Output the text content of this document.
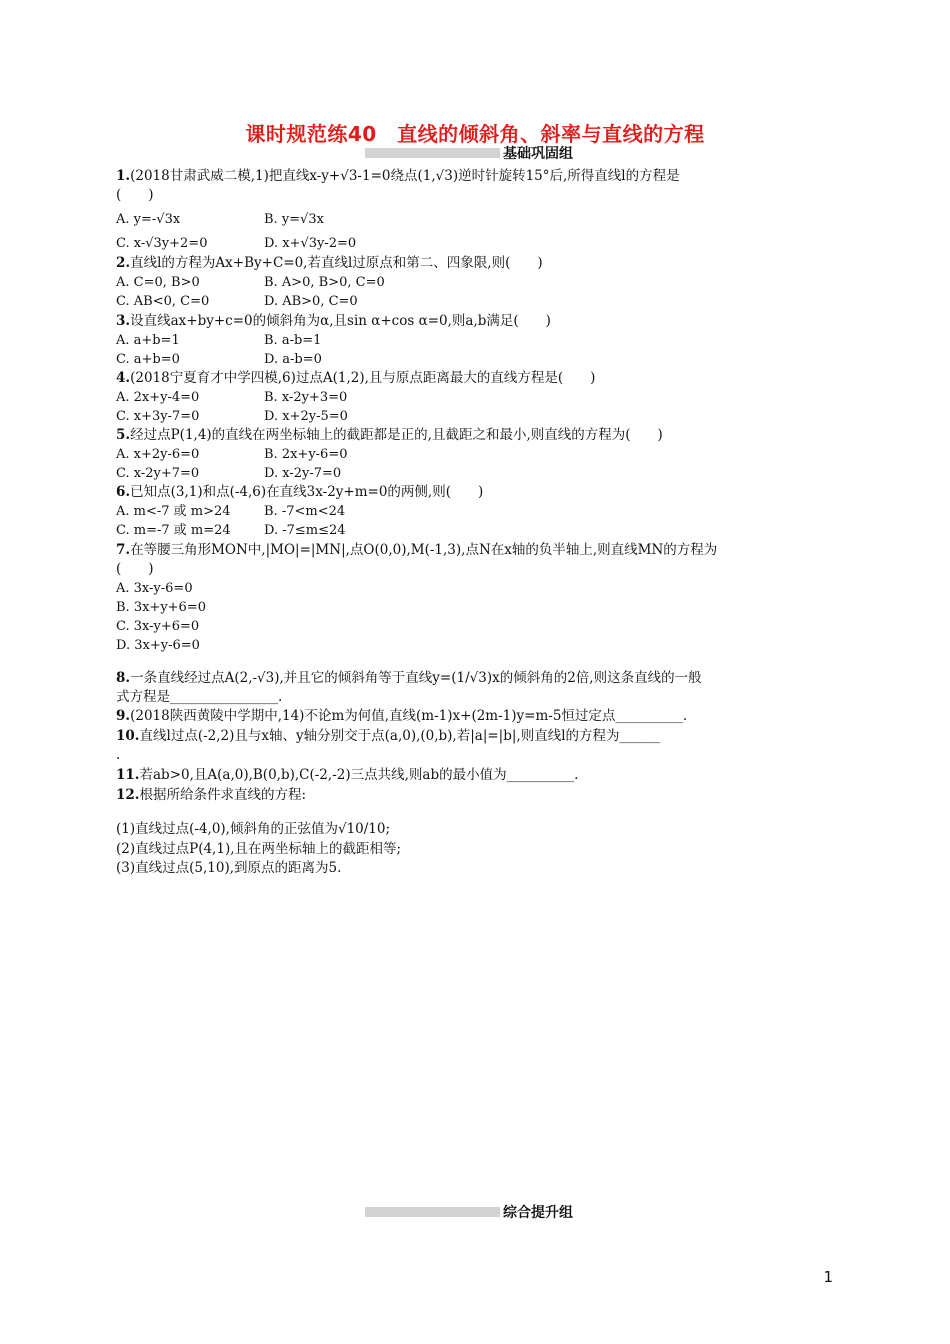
课时规范练40　直线的倾斜角、斜率与直线的方程
基础巩固组
1.(2018甘肃武威二模,1)把直线x-y+√3-1=0绕点(1,√3)逆时针旋转15°后,所得直线l的方程是
(　　)
A. y=-√3x	B. y=√3x
C. x-√3y+2=0	D. x+√3y-2=0
2.直线l的方程为Ax+By+C=0,若直线l过原点和第二、四象限,则(　　)
A. C=0, B>0	B. A>0, B>0, C=0
C. AB<0, C=0	D. AB>0, C=0
3.设直线ax+by+c=0的倾斜角为α,且sin α+cos α=0,则a,b满足(　　)
A. a+b=1	B. a-b=1
C. a+b=0	D. a-b=0
4.(2018宁夏育才中学四模,6)过点A(1,2),且与原点距离最大的直线方程是(　　)
A. 2x+y-4=0	B. x-2y+3=0
C. x+3y-7=0	D. x+2y-5=0
5.经过点P(1,4)的直线在两坐标轴上的截距都是正的,且截距之和最小,则直线的方程为(　　)
A. x+2y-6=0	B. 2x+y-6=0
C. x-2y+7=0	D. x-2y-7=0
6.已知点(3,1)和点(-4,6)在直线3x-2y+m=0的两侧,则(　　)
A. m<-7 或 m>24	B. -7<m<24
C. m=-7 或 m=24	D. -7≤m≤24
7.在等腰三角形MON中,|MO|=|MN|,点O(0,0),M(-1,3),点N在x轴的负半轴上,则直线MN的方程为
(　　)
A. 3x-y-6=0
B. 3x+y+6=0
C. 3x-y+6=0
D. 3x+y-6=0
8.一条直线经过点A(2,-√3),并且它的倾斜角等于直线y=(1/√3)x的倾斜角的2倍,则这条直线的一般
式方程是________________.
9.(2018陕西黄陵中学期中,14)不论m为何值,直线(m-1)x+(2m-1)y=m-5恒过定点__________.
10.直线l过点(-2,2)且与x轴、y轴分别交于点(a,0),(0,b),若|a|=|b|,则直线l的方程为______
.
11.若ab>0,且A(a,0),B(0,b),C(-2,-2)三点共线,则ab的最小值为__________.
12.根据所给条件求直线的方程:
(1)直线过点(-4,0),倾斜角的正弦值为√10/10;
(2)直线过点P(4,1),且在两坐标轴上的截距相等;
(3)直线过点(5,10),到原点的距离为5.
综合提升组
1
